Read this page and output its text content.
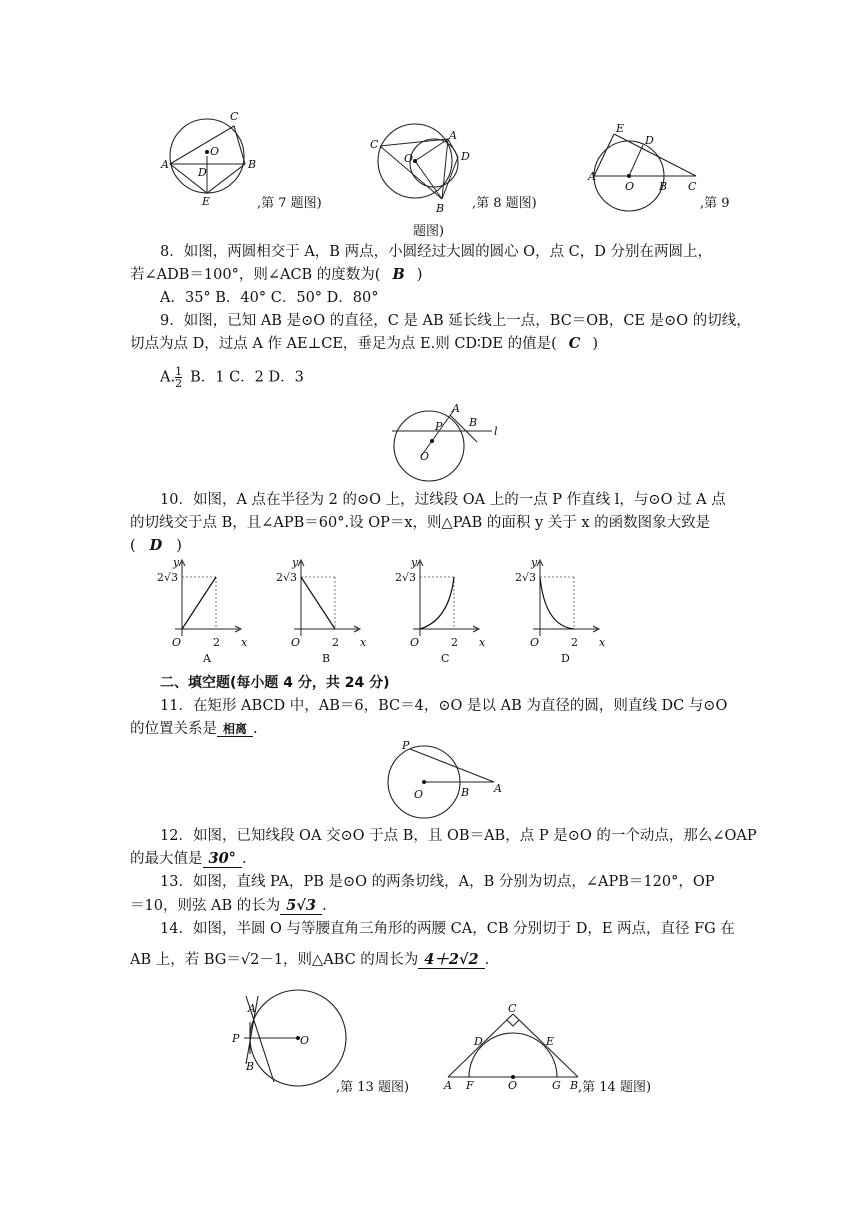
A
C
O
B
D
E	,第 7 题图)
C
O
A
D
B ,第 8 题图)
E
D
A
O B C
,第 9
题图)
8．如图，两圆相交于 A，B 两点，小圆经过大圆的圆心 O，点 C，D 分别在两圆上，
若∠ADB＝100°，则∠ACB 的度数为( B )
A．35° B．40° C．50° D．80°
9．如图，已知 AB 是⊙O 的直径，C 是 AB 延长线上一点，BC＝OB，CE 是⊙O 的切线，
切点为点 D，过点 A 作 AE⊥CE，垂足为点 E.则 CD∶DE 的值是( C )
A. $\frac{1}{2}$ B．1 C．2 D．3
P
A
B
l
O
10．如图，A 点在半径为 2 的⊙O 上，过线段 OA 上的一点 P 作直线 l，与⊙O 过 A 点
的切线交于点 B，且∠APB＝60°.设 OP＝x，则△PAB 的面积 y 关于 x 的函数图象大致是
( D )
y
x
O
2√3
2
A
y
x
O
2√3
2
B
y
x
O
2√3
2
C
y
x
O
2√3
2
D
二、填空题(每小题 4 分，共 24 分)
11．在矩形 ABCD 中，AB＝6，BC＝4，⊙O 是以 AB 为直径的圆，则直线 DC 与⊙O
的位置关系是 相离 .
P
O	B A
12．如图，已知线段 OA 交⊙O 于点 B，且 OB＝AB，点 P 是⊙O 的一个动点，那么∠OAP
的最大值是 30° .
13．如图，直线 PA，PB 是⊙O 的两条切线，A，B 分别为切点，∠APB＝120°，OP
＝10，则弦 AB 的长为 5√3 .
14．如图，半圆 O 与等腰直角三角形的两腰 CA，CB 分别切于 D，E 两点，直径 FG 在
AB 上，若 BG＝√2－1，则△ABC 的周长为 4＋2√2 .
A
P	O
B
,第 13 题图)
C
D	E
A F	O	G B ,第 14 题图)
